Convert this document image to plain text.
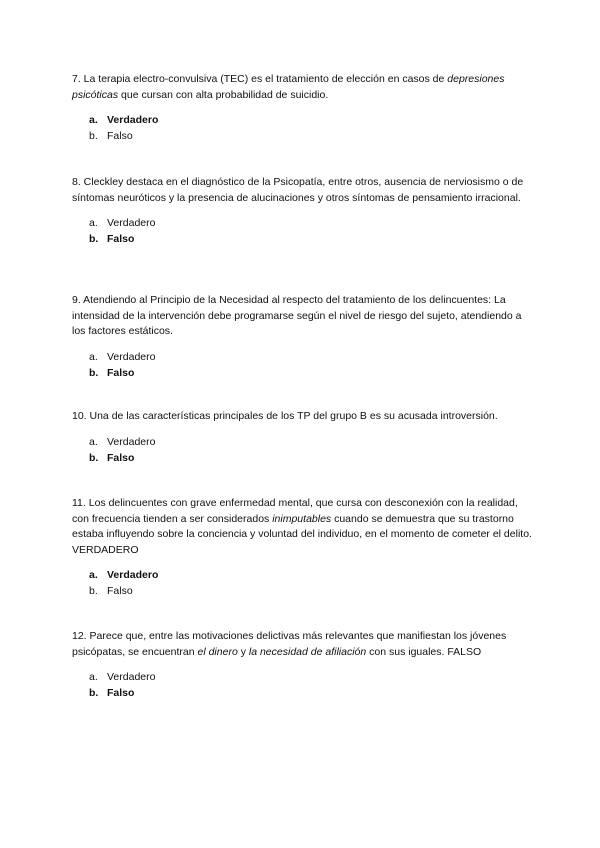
7. La terapia electro-convulsiva (TEC) es el tratamiento de elección en casos de depresiones psicóticas que cursan con alta probabilidad de suicidio.

a. Verdadero
b. Falso

8. Cleckley destaca en el diagnóstico de la Psicopatía, entre otros, ausencia de nerviosismo o de síntomas neuróticos y la presencia de alucinaciones y otros síntomas de pensamiento irracional.

a. Verdadero
b. Falso

9. Atendiendo al Principio de la Necesidad al respecto del tratamiento de los delincuentes: La intensidad de la intervención debe programarse según el nivel de riesgo del sujeto, atendiendo a los factores estáticos.

a. Verdadero
b. Falso

10. Una de las características principales de los TP del grupo B es su acusada introversión.

a. Verdadero
b. Falso

11. Los delincuentes con grave enfermedad mental, que cursa con desconexión con la realidad, con frecuencia tienden a ser considerados inimputables cuando se demuestra que su trastorno estaba influyendo sobre la conciencia y voluntad del individuo, en el momento de cometer el delito. VERDADERO

a. Verdadero
b. Falso

12. Parece que, entre las motivaciones delictivas más relevantes que manifiestan los jóvenes psicópatas, se encuentran el dinero y la necesidad de afiliación con sus iguales. FALSO

a. Verdadero
b. Falso
